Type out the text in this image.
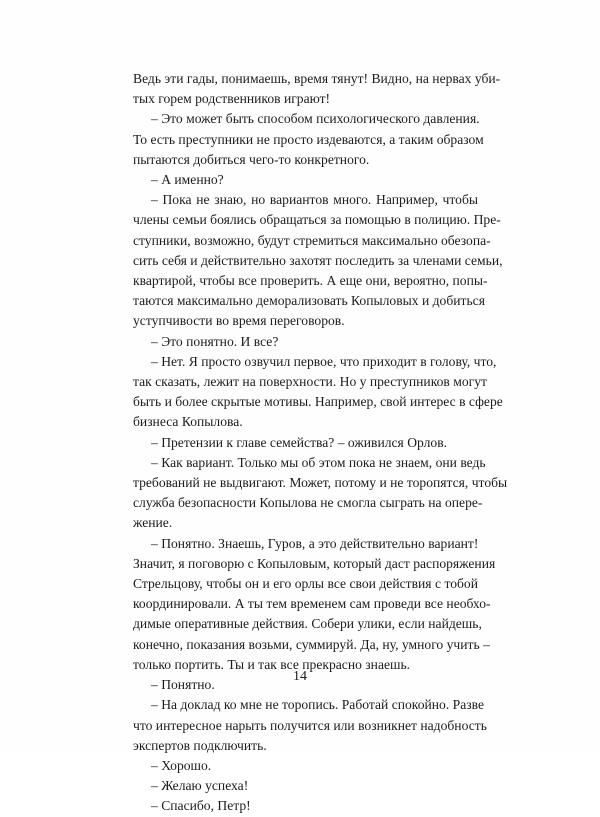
Ведь эти гады, понимаешь, время тянут! Видно, на нервах уби-
тых горем родственников играют!
– Это может быть способом психологического давления.
То есть преступники не просто издеваются, а таким образом
пытаются добиться чего-то конкретного.
– А именно?
– Пока не знаю, но вариантов много. Например, чтобы
члены семьи боялись обращаться за помощью в полицию. Пре-
ступники, возможно, будут стремиться максимально обезопа-
сить себя и действительно захотят последить за членами семьи,
квартирой, чтобы все проверить. А еще они, вероятно, попы-
таются максимально деморализовать Копыловых и добиться
уступчивости во время переговоров.
– Это понятно. И все?
– Нет. Я просто озвучил первое, что приходит в голову, что,
так сказать, лежит на поверхности. Но у преступников могут
быть и более скрытые мотивы. Например, свой интерес в сфере
бизнеса Копылова.
– Претензии к главе семейства? – оживился Орлов.
– Как вариант. Только мы об этом пока не знаем, они ведь
требований не выдвигают. Может, потому и не торопятся, чтобы
служба безопасности Копылова не смогла сыграть на опере-
жение.
– Понятно. Знаешь, Гуров, а это действительно вариант!
Значит, я поговорю с Копыловым, который даст распоряжения
Стрельцову, чтобы он и его орлы все свои действия с тобой
координировали. А ты тем временем сам проведи все необхо-
димые оперативные действия. Собери улики, если найдешь,
конечно, показания возьми, суммируй. Да, ну, умного учить –
только портить. Ты и так все прекрасно знаешь.
– Понятно.
– На доклад ко мне не торопись. Работай спокойно. Разве
что интересное нарыть получится или возникнет надобность
экспертов подключить.
– Хорошо.
– Желаю успеха!
– Спасибо, Петр!
14
